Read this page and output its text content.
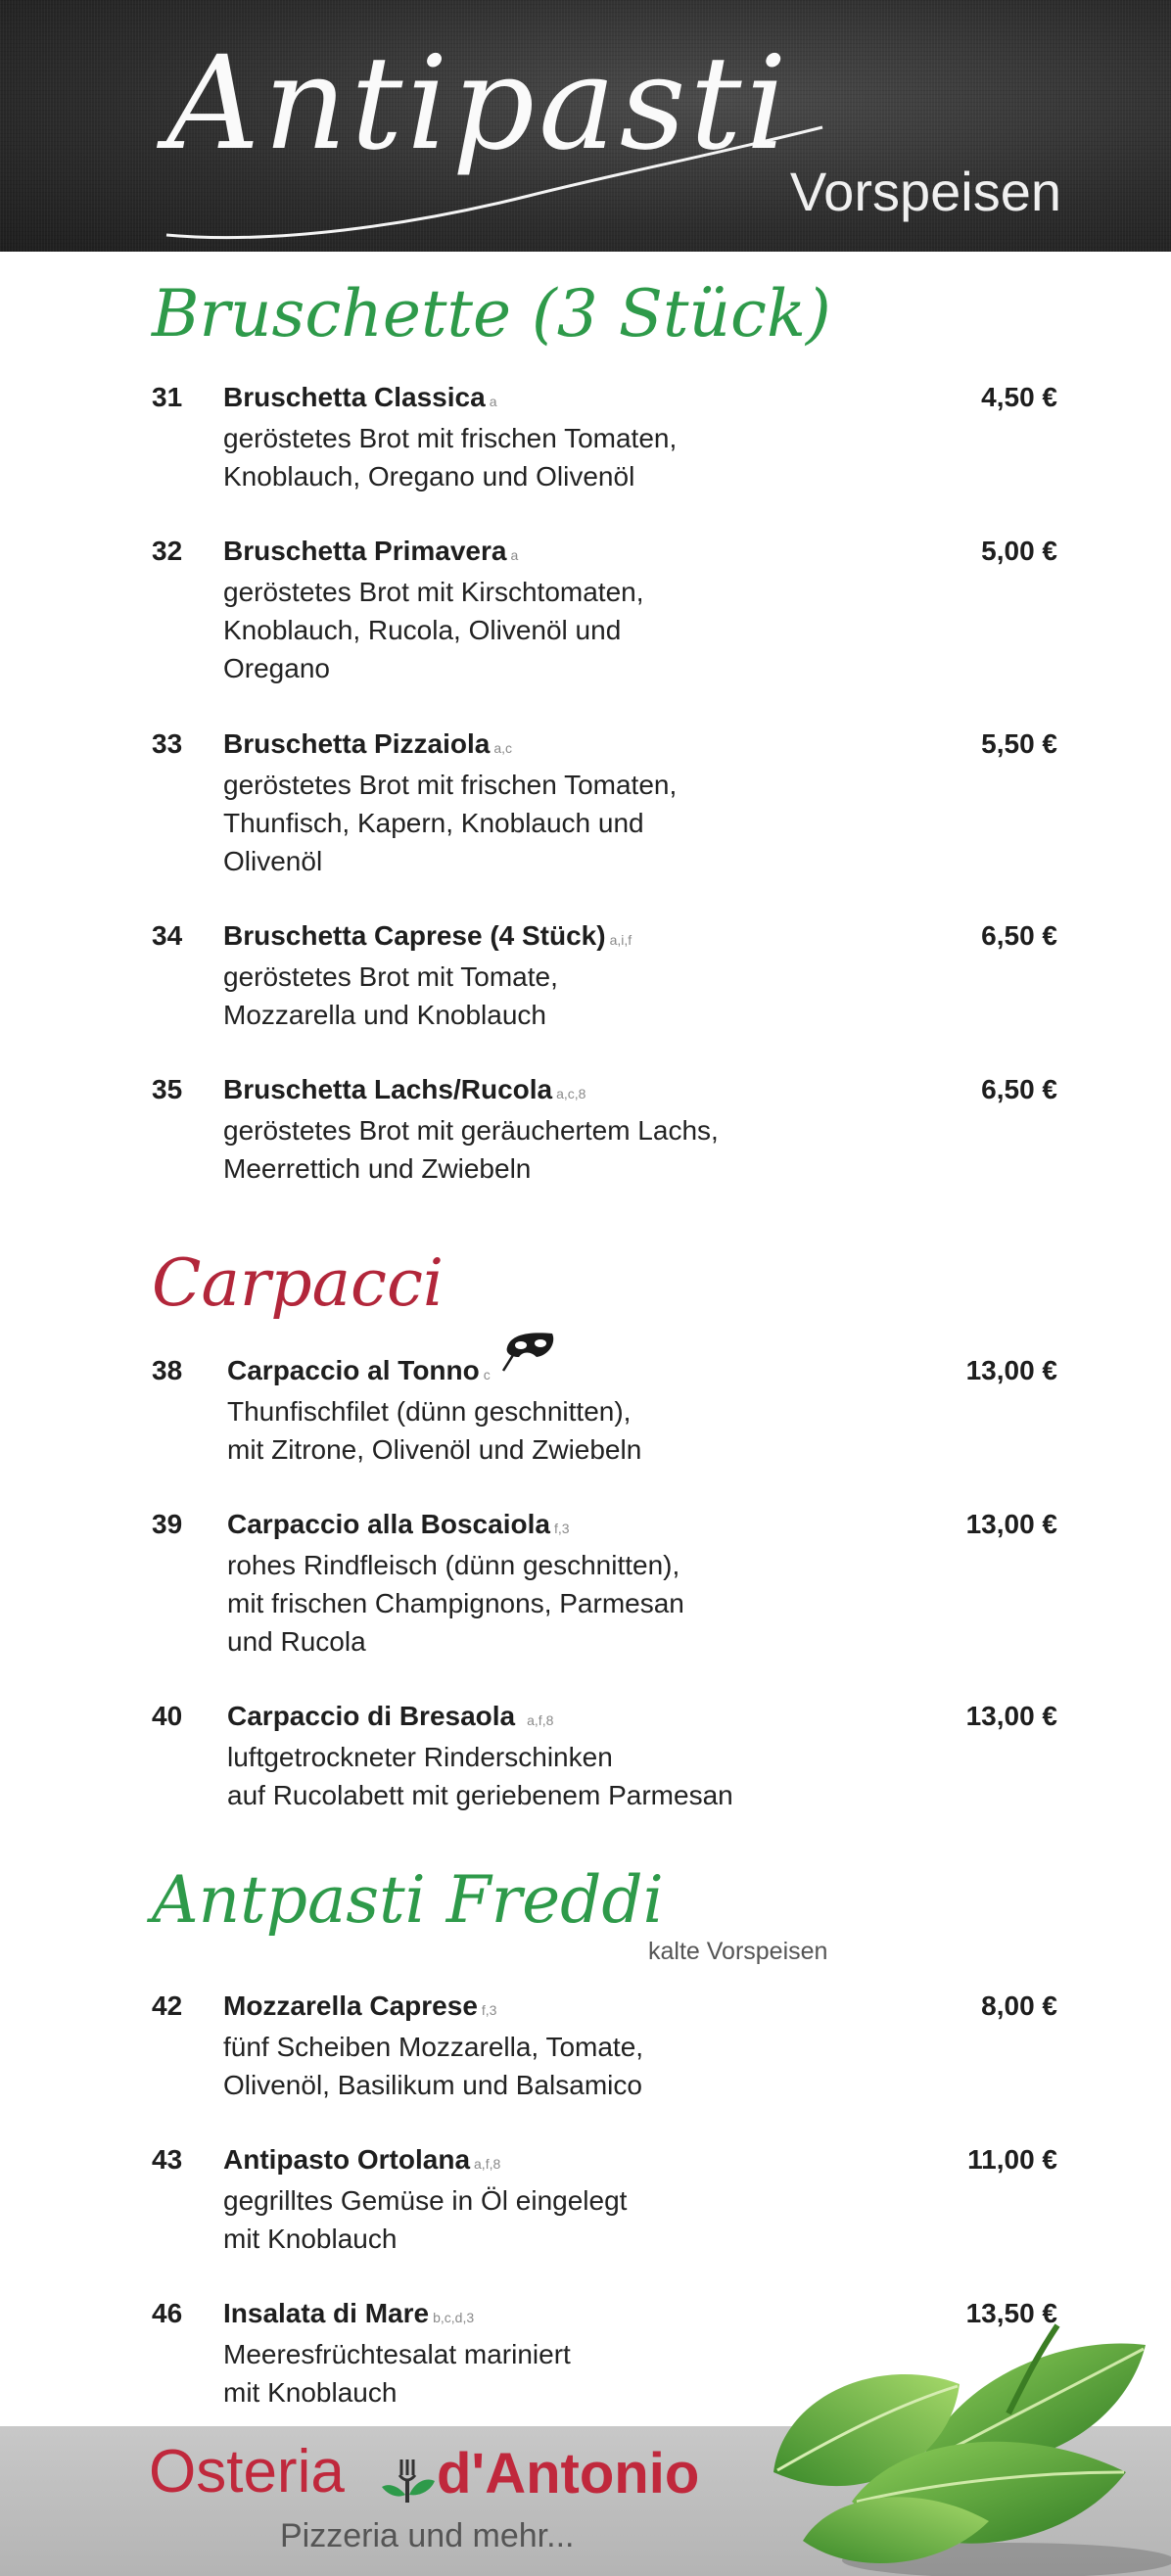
Antipasti
Vorspeisen
Bruschette (3 Stück)
31 Bruschetta Classica a	4,50 €
geröstetes Brot mit frischen Tomaten,
Knoblauch, Oregano und Olivenöl
32 Bruschetta Primavera a	5,00 €
geröstetes Brot mit Kirschtomaten,
Knoblauch, Rucola, Olivenöl und
Oregano
33 Bruschetta Pizzaiola a,c	5,50 €
geröstetes Brot mit frischen Tomaten,
Thunfisch, Kapern, Knoblauch und
Olivenöl
34 Bruschetta Caprese (4 Stück) a,i,f	6,50 €
geröstetes Brot mit Tomate,
Mozzarella und Knoblauch
35 Bruschetta Lachs/Rucola a,c,8	6,50 €
geröstetes Brot mit geräuchertem Lachs,
Meerrettich und Zwiebeln
Carpacci
38 Carpaccio al Tonno c	13,00 €
Thunfischfilet (dünn geschnitten),
mit Zitrone, Olivenöl und Zwiebeln
39 Carpaccio alla Boscaiola f,3	13,00 €
rohes Rindfleisch (dünn geschnitten),
mit frischen Champignons, Parmesan
und Rucola
40 Carpaccio di Bresaola a,f,8	13,00 €
luftgetrockneter Rinderschinken
auf Rucolabett mit geriebenem Parmesan
Antpasti Freddi
kalte Vorspeisen
42 Mozzarella Caprese f,3	8,00 €
fünf Scheiben Mozzarella, Tomate,
Olivenöl, Basilikum und Balsamico
43 Antipasto Ortolana a,f,8	11,00 €
gegrilltes Gemüse in Öl eingelegt
mit Knoblauch
46 Insalata di Mare b,c,d,3	13,50 €
Meeresfrüchtesalat mariniert
mit Knoblauch
Osteria d'Antonio
Pizzeria und mehr...
